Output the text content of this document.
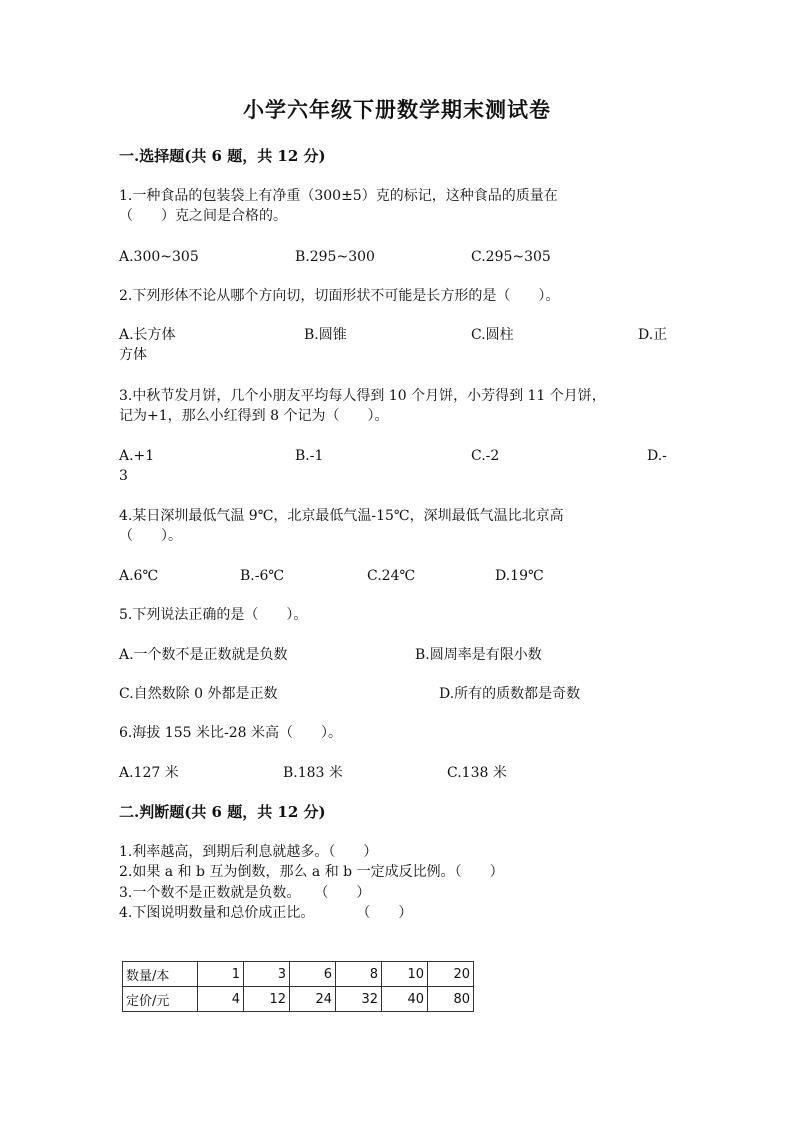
小学六年级下册数学期末测试卷
一.选择题(共 6 题，共 12 分)
1.一种食品的包装袋上有净重（300±5）克的标记，这种食品的质量在
（　　）克之间是合格的。
A.300~305	B.295~300	C.295~305
2.下列形体不论从哪个方向切，切面形状不可能是长方形的是（　　）。
A.长方体	B.圆锥	C.圆柱	D.正
方体
3.中秋节发月饼，几个小朋友平均每人得到 10 个月饼，小芳得到 11 个月饼，
记为+1，那么小红得到 8 个记为（　　）。
A.+1	B.-1	C.-2	D.-
3
4.某日深圳最低气温 9℃，北京最低气温-15℃，深圳最低气温比北京高
（　　）。
A.6℃	B.-6℃	C.24℃	D.19℃
5.下列说法正确的是（　　）。
A.一个数不是正数就是负数	B.圆周率是有限小数
C.自然数除 0 外都是正数	D.所有的质数都是奇数
6.海拔 155 米比-28 米高（　　）。
A.127 米	B.183 米	C.138 米
二.判断题(共 6 题，共 12 分)
1.利率越高，到期后利息就越多。（　　）
2.如果 a 和 b 互为倒数，那么 a 和 b 一定成反比例。（　　）
3.一个数不是正数就是负数。　　（　　）
4.下图说明数量和总价成正比。　　　　（　　）
数量/本	1	3	6	8	10	20
定价/元	4	12	24	32	40	80
